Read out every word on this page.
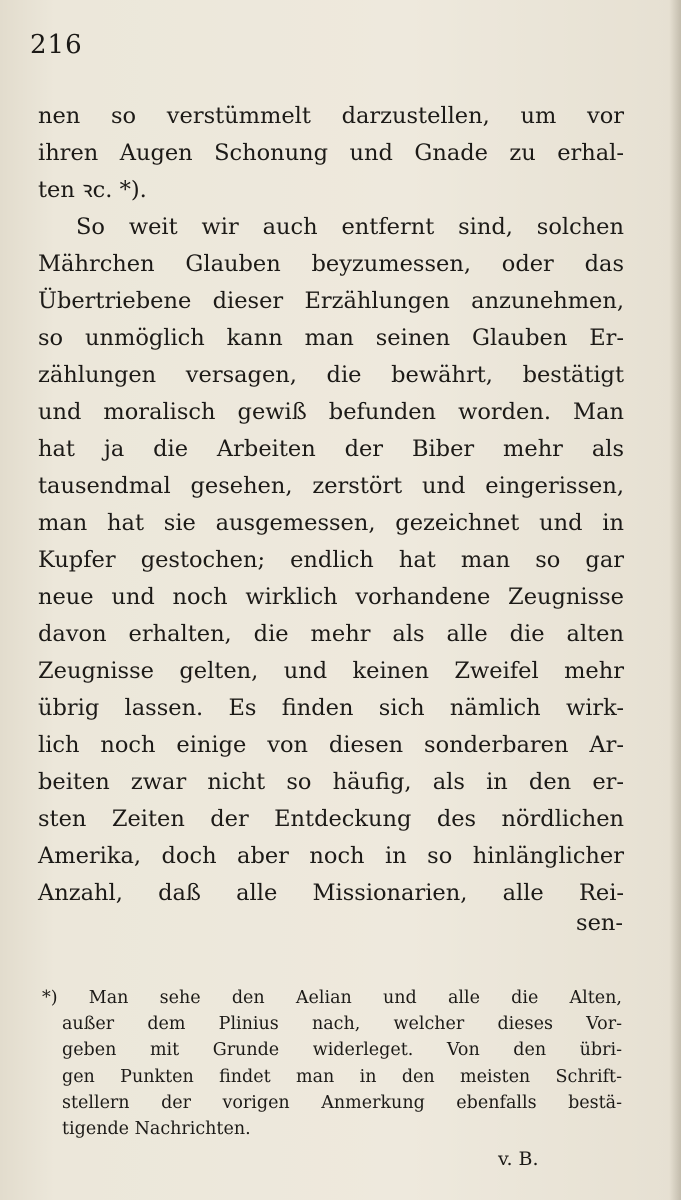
216
nen so verstümmelt darzustellen, um vor
ihren Augen Schonung und Gnade zu erhal-
ten ꝛc. *).
So weit wir auch entfernt sind, solchen
Mährchen Glauben beyzumessen, oder das
Übertriebene dieser Erzählungen anzunehmen,
so unmöglich kann man seinen Glauben Er-
zählungen versagen, die bewährt, bestätigt
und moralisch gewiß befunden worden. Man
hat ja die Arbeiten der Biber mehr als
tausendmal gesehen, zerstört und eingerissen,
man hat sie ausgemessen, gezeichnet und in
Kupfer gestochen; endlich hat man so gar
neue und noch wirklich vorhandene Zeugnisse
davon erhalten, die mehr als alle die alten
Zeugnisse gelten, und keinen Zweifel mehr
übrig lassen. Es finden sich nämlich wirk-
lich noch einige von diesen sonderbaren Ar-
beiten zwar nicht so häufig, als in den er-
sten Zeiten der Entdeckung des nördlichen
Amerika, doch aber noch in so hinlänglicher
Anzahl, daß alle Missionarien, alle Rei-
sen-
*) Man sehe den Aelian und alle die Alten,
außer dem Plinius nach, welcher dieses Vor-
geben mit Grunde widerleget. Von den übri-
gen Punkten findet man in den meisten Schrift-
stellern der vorigen Anmerkung ebenfalls bestä-
tigende Nachrichten.
v. B.
